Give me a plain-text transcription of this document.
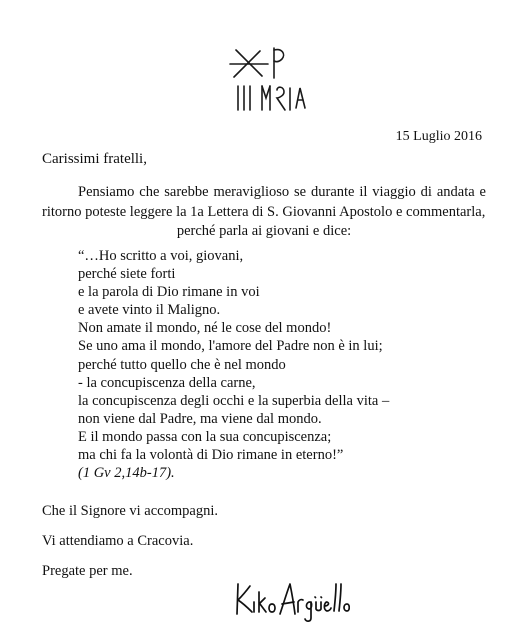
15 Luglio 2016
Carissimi fratelli,

Pensiamo che sarebbe meraviglioso se durante il viaggio di andata e ritorno poteste leggere la 1a Lettera di S. Giovanni Apostolo e commentarla,
perché parla ai giovani e dice:

“…Ho scritto a voi, giovani,
perché siete forti
e la parola di Dio rimane in voi
e avete vinto il Maligno.
Non amate il mondo, né le cose del mondo!
Se uno ama il mondo, l'amore del Padre non è in lui;
perché tutto quello che è nel mondo
- la concupiscenza della carne,
la concupiscenza degli occhi e la superbia della vita –
non viene dal Padre, ma viene dal mondo.
E il mondo passa con la sua concupiscenza;
ma chi fa la volontà di Dio rimane in eterno!”
(1 Gv 2,14b-17).
Che il Signore vi accompagni.
Vi attendiamo a Cracovia.
Pregate per me.
